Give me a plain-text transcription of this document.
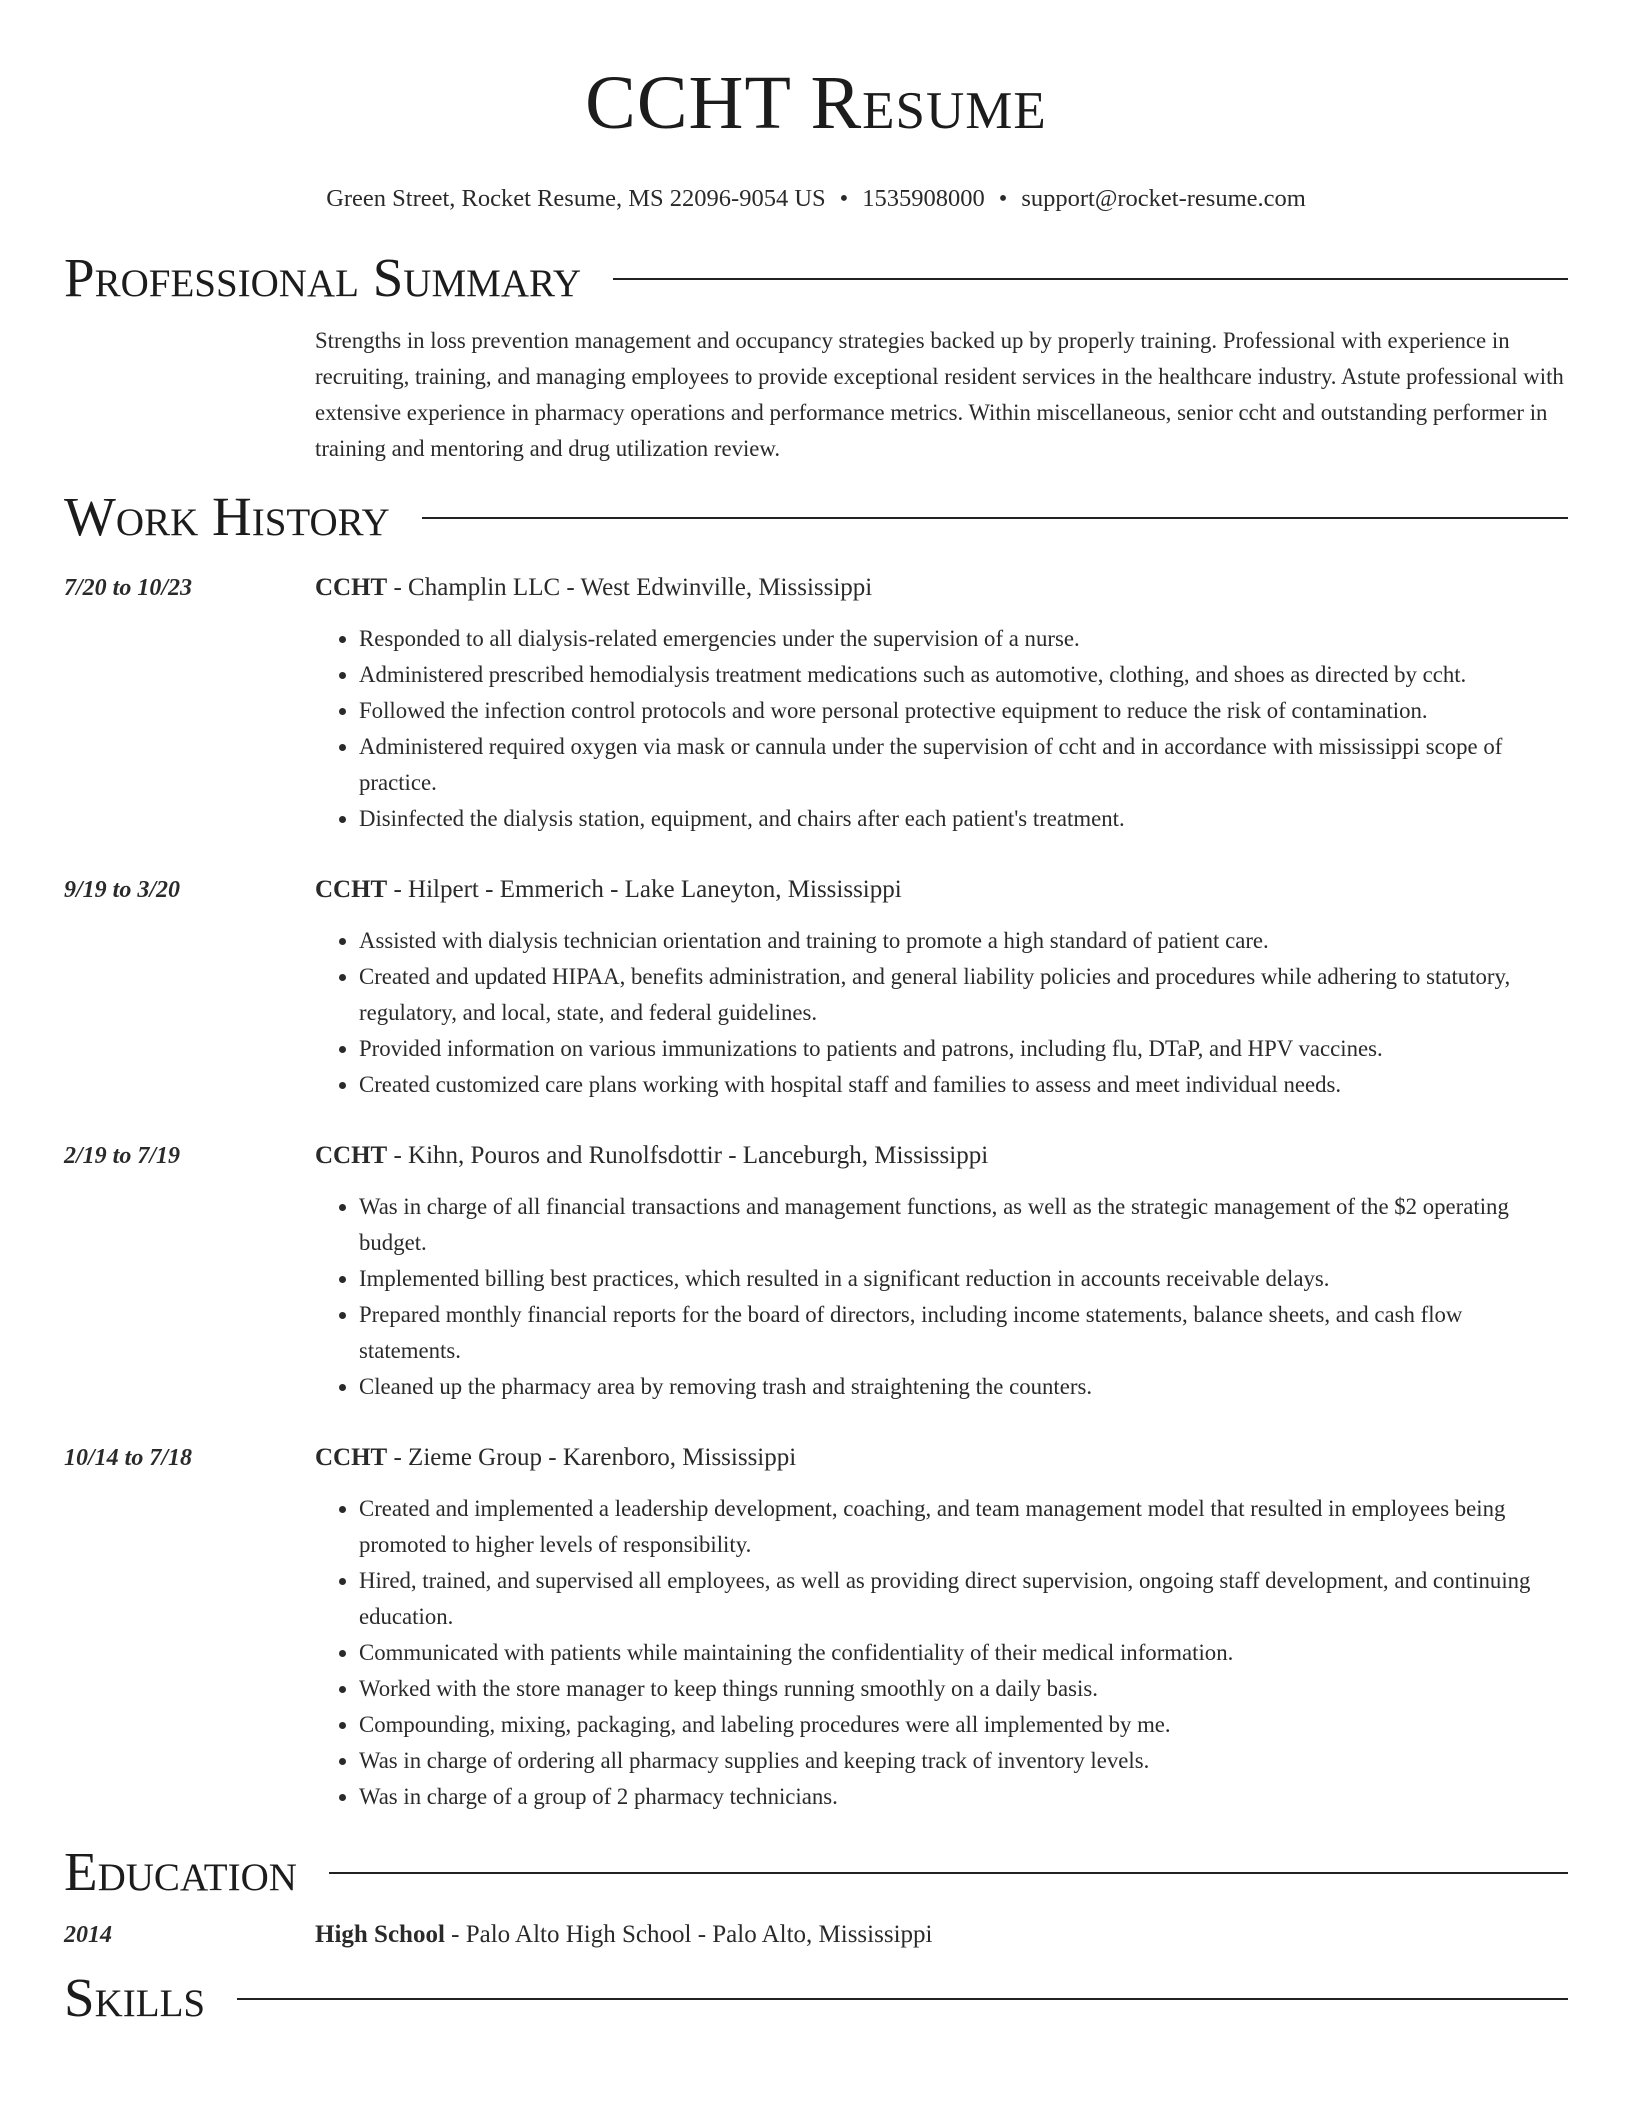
CCHT Resume
Green Street, Rocket Resume, MS 22096-9054 US • 1535908000 • support@rocket-resume.com
Professional Summary
Strengths in loss prevention management and occupancy strategies backed up by properly training. Professional with experience in recruiting, training, and managing employees to provide exceptional resident services in the healthcare industry. Astute professional with extensive experience in pharmacy operations and performance metrics. Within miscellaneous, senior ccht and outstanding performer in training and mentoring and drug utilization review.
Work History
7/20 to 10/23	CCHT - Champlin LLC - West Edwinville, Mississippi
• Responded to all dialysis-related emergencies under the supervision of a nurse.
• Administered prescribed hemodialysis treatment medications such as automotive, clothing, and shoes as directed by ccht.
• Followed the infection control protocols and wore personal protective equipment to reduce the risk of contamination.
• Administered required oxygen via mask or cannula under the supervision of ccht and in accordance with mississippi scope of practice.
• Disinfected the dialysis station, equipment, and chairs after each patient's treatment.
9/19 to 3/20	CCHT - Hilpert - Emmerich - Lake Laneyton, Mississippi
• Assisted with dialysis technician orientation and training to promote a high standard of patient care.
• Created and updated HIPAA, benefits administration, and general liability policies and procedures while adhering to statutory, regulatory, and local, state, and federal guidelines.
• Provided information on various immunizations to patients and patrons, including flu, DTaP, and HPV vaccines.
• Created customized care plans working with hospital staff and families to assess and meet individual needs.
2/19 to 7/19	CCHT - Kihn, Pouros and Runolfsdottir - Lanceburgh, Mississippi
• Was in charge of all financial transactions and management functions, as well as the strategic management of the $2 operating budget.
• Implemented billing best practices, which resulted in a significant reduction in accounts receivable delays.
• Prepared monthly financial reports for the board of directors, including income statements, balance sheets, and cash flow statements.
• Cleaned up the pharmacy area by removing trash and straightening the counters.
10/14 to 7/18	CCHT - Zieme Group - Karenboro, Mississippi
• Created and implemented a leadership development, coaching, and team management model that resulted in employees being promoted to higher levels of responsibility.
• Hired, trained, and supervised all employees, as well as providing direct supervision, ongoing staff development, and continuing education.
• Communicated with patients while maintaining the confidentiality of their medical information.
• Worked with the store manager to keep things running smoothly on a daily basis.
• Compounding, mixing, packaging, and labeling procedures were all implemented by me.
• Was in charge of ordering all pharmacy supplies and keeping track of inventory levels.
• Was in charge of a group of 2 pharmacy technicians.
Education
2014	High School - Palo Alto High School - Palo Alto, Mississippi
Skills
